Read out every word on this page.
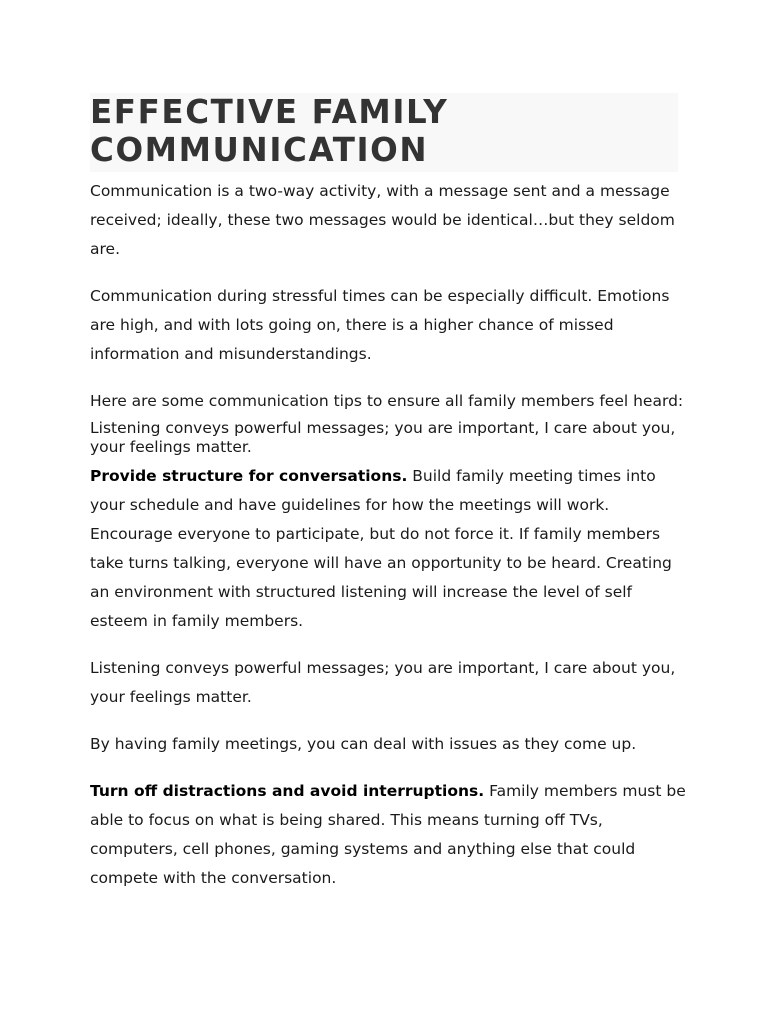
EFFECTIVE FAMILY COMMUNICATION

Communication is a two-way activity, with a message sent and a message received; ideally, these two messages would be identical…but they seldom are.

Communication during stressful times can be especially difficult. Emotions are high, and with lots going on, there is a higher chance of missed information and misunderstandings.

Here are some communication tips to ensure all family members feel heard:

Listening conveys powerful messages; you are important, I care about you, your feelings matter.

Provide structure for conversations. Build family meeting times into your schedule and have guidelines for how the meetings will work. Encourage everyone to participate, but do not force it. If family members take turns talking, everyone will have an opportunity to be heard. Creating an environment with structured listening will increase the level of self esteem in family members.

Listening conveys powerful messages; you are important, I care about you, your feelings matter.

By having family meetings, you can deal with issues as they come up.

Turn off distractions and avoid interruptions. Family members must be able to focus on what is being shared. This means turning off TVs, computers, cell phones, gaming systems and anything else that could compete with the conversation.
